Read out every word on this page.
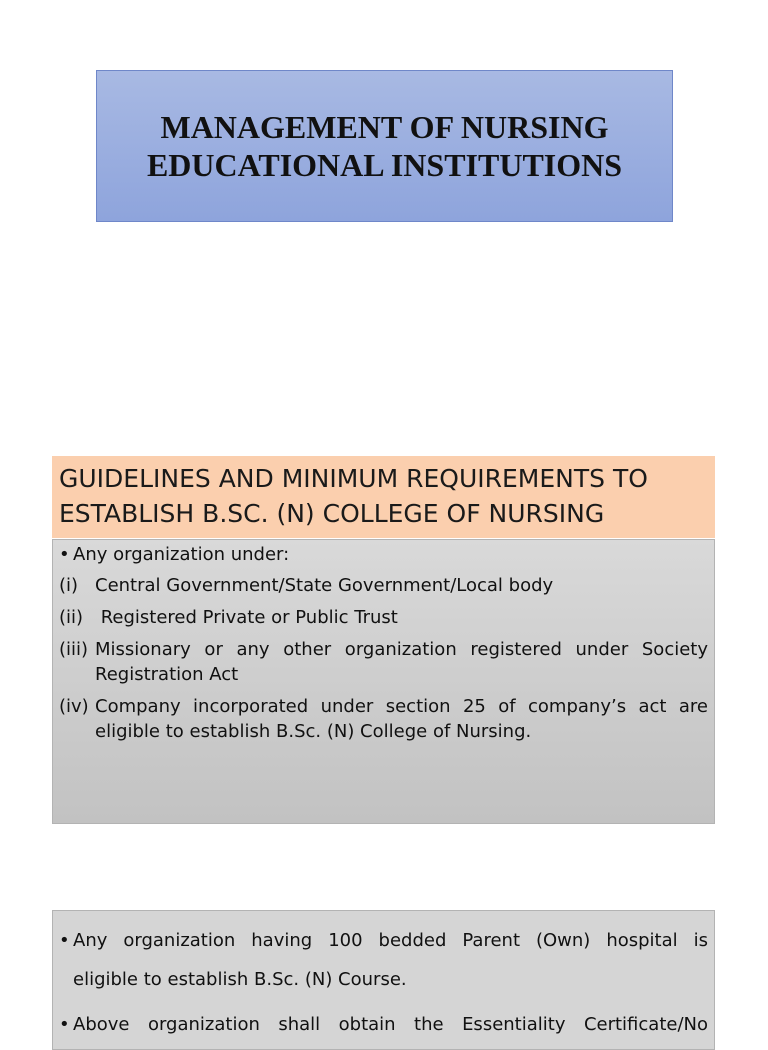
MANAGEMENT OF NURSING
EDUCATIONAL INSTITUTIONS
GUIDELINES AND MINIMUM REQUIREMENTS TO
ESTABLISH B.SC. (N) COLLEGE OF NURSING
• Any organization under:
(i) Central Government/State Government/Local body
(ii) Registered Private or Public Trust
(iii) Missionary or any other organization registered under Society Registration Act
(iv) Company incorporated under section 25 of company’s act are eligible to establish B.Sc. (N) College of Nursing.
• Any organization having 100 bedded Parent (Own) hospital is
eligible to establish B.Sc. (N) Course.
• Above organization shall obtain the Essentiality Certificate/No
